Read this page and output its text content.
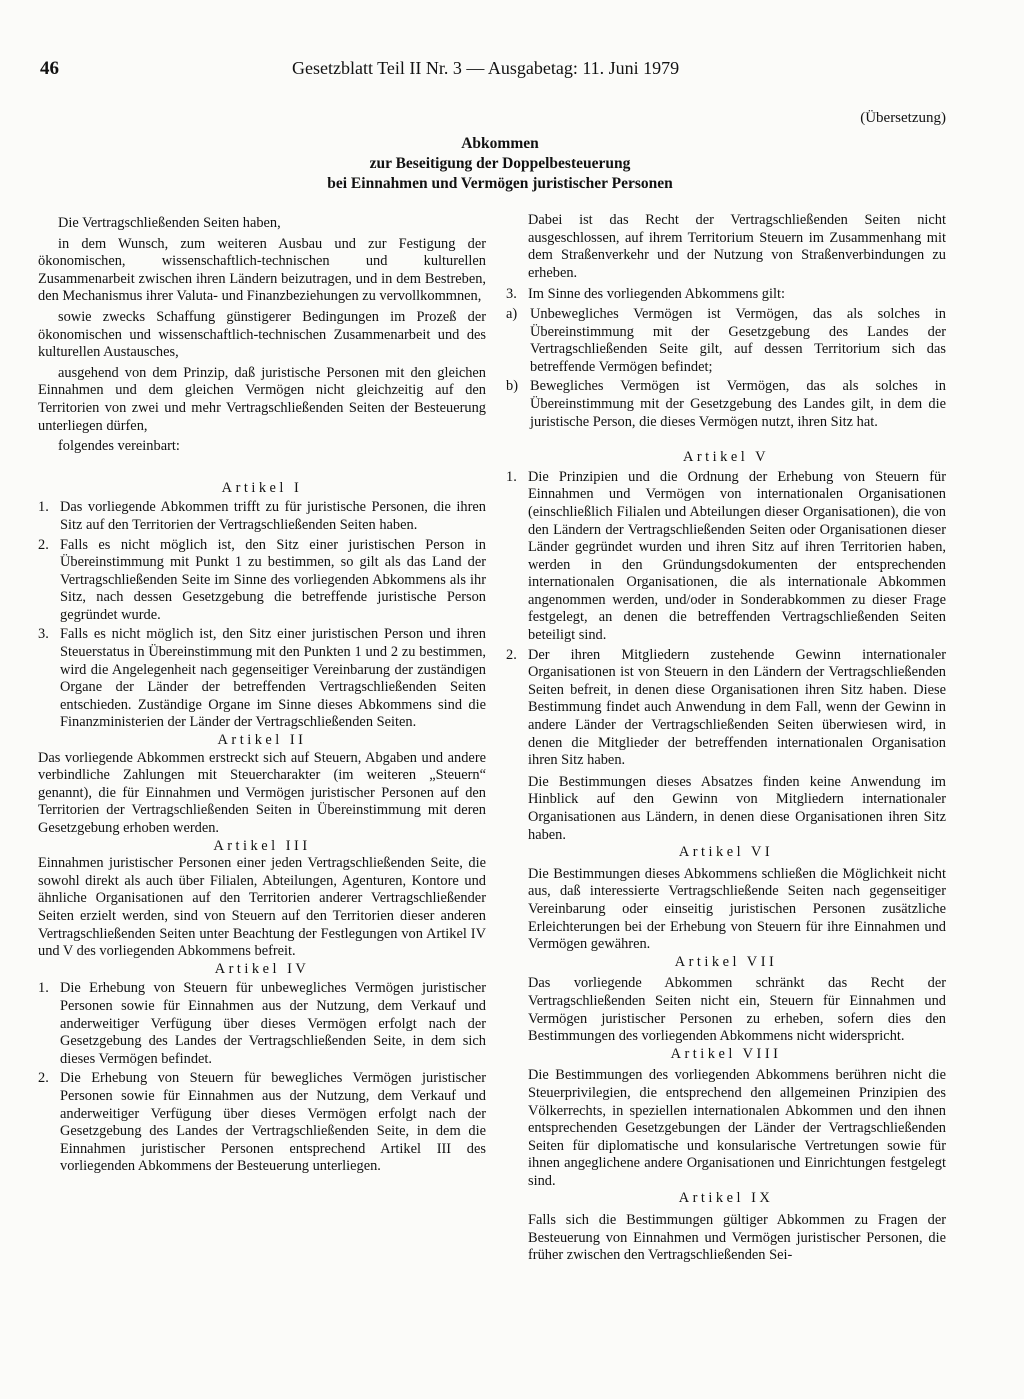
46	Gesetzblatt Teil II Nr. 3 — Ausgabetag: 11. Juni 1979
(Übersetzung)
Abkommen
zur Beseitigung der Doppelbesteuerung
bei Einnahmen und Vermögen juristischer Personen

Die Vertragschließenden Seiten haben,

in dem Wunsch, zum weiteren Ausbau und zur Festigung der ökonomischen, wissenschaftlich-technischen und kulturellen Zusammenarbeit zwischen ihren Ländern beizutragen, und in dem Bestreben, den Mechanismus ihrer Valuta- und Finanzbeziehungen zu vervollkommnen,

sowie zwecks Schaffung günstigerer Bedingungen im Prozeß der ökonomischen und wissenschaftlich-technischen Zusammenarbeit und des kulturellen Austausches,

ausgehend von dem Prinzip, daß juristische Personen mit den gleichen Einnahmen und dem gleichen Vermögen nicht gleichzeitig auf den Territorien von zwei und mehr Vertragschließenden Seiten der Besteuerung unterliegen dürfen,

folgendes vereinbart:

Artikel I

1. Das vorliegende Abkommen trifft zu für juristische Personen, die ihren Sitz auf den Territorien der Vertragschließenden Seiten haben.
2. Falls es nicht möglich ist, den Sitz einer juristischen Person in Übereinstimmung mit Punkt 1 zu bestimmen, so gilt als das Land der Vertragschließenden Seite im Sinne des vorliegenden Abkommens als ihr Sitz, nach dessen Gesetzgebung die betreffende juristische Person gegründet wurde.
3. Falls es nicht möglich ist, den Sitz einer juristischen Person und ihren Steuerstatus in Übereinstimmung mit den Punkten 1 und 2 zu bestimmen, wird die Angelegenheit nach gegenseitiger Vereinbarung der zuständigen Organe der Länder der betreffenden Vertragschließenden Seiten entschieden. Zuständige Organe im Sinne dieses Abkommens sind die Finanzministerien der Länder der Vertragschließenden Seiten.

Artikel II

Das vorliegende Abkommen erstreckt sich auf Steuern, Abgaben und andere verbindliche Zahlungen mit Steuercharakter (im weiteren „Steuern“ genannt), die für Einnahmen und Vermögen juristischer Personen auf den Territorien der Vertragschließenden Seiten in Übereinstimmung mit deren Gesetzgebung erhoben werden.

Artikel III

Einnahmen juristischer Personen einer jeden Vertragschließenden Seite, die sowohl direkt als auch über Filialen, Abteilungen, Agenturen, Kontore und ähnliche Organisationen auf den Territorien anderer Vertragschließender Seiten erzielt werden, sind von Steuern auf den Territorien dieser anderen Vertragschließenden Seiten unter Beachtung der Festlegungen von Artikel IV und V des vorliegenden Abkommens befreit.

Artikel IV

1. Die Erhebung von Steuern für unbewegliches Vermögen juristischer Personen sowie für Einnahmen aus der Nutzung, dem Verkauf und anderweitiger Verfügung über dieses Vermögen erfolgt nach der Gesetzgebung des Landes der Vertragschließenden Seite, in dem sich dieses Vermögen befindet.
2. Die Erhebung von Steuern für bewegliches Vermögen juristischer Personen sowie für Einnahmen aus der Nutzung, dem Verkauf und anderweitiger Verfügung über dieses Vermögen erfolgt nach der Gesetzgebung des Landes der Vertragschließenden Seite, in dem die Einnahmen juristischer Personen entsprechend Artikel III des vorliegenden Abkommens der Besteuerung unterliegen.

Dabei ist das Recht der Vertragschließenden Seiten nicht ausgeschlossen, auf ihrem Territorium Steuern im Zusammenhang mit dem Straßenverkehr und der Nutzung von Straßenverbindungen zu erheben.

3. Im Sinne des vorliegenden Abkommens gilt:
a) Unbewegliches Vermögen ist Vermögen, das als solches in Übereinstimmung mit der Gesetzgebung des Landes der Vertragschließenden Seite gilt, auf dessen Territorium sich das betreffende Vermögen befindet;
b) Bewegliches Vermögen ist Vermögen, das als solches in Übereinstimmung mit der Gesetzgebung des Landes gilt, in dem die juristische Person, die dieses Vermögen nutzt, ihren Sitz hat.

Artikel V

1. Die Prinzipien und die Ordnung der Erhebung von Steuern für Einnahmen und Vermögen von internationalen Organisationen (einschließlich Filialen und Abteilungen dieser Organisationen), die von den Ländern der Vertragschließenden Seiten oder Organisationen dieser Länder gegründet wurden und ihren Sitz auf ihren Territorien haben, werden in den Gründungsdokumenten der entsprechenden internationalen Organisationen, die als internationale Abkommen angenommen werden, und/oder in Sonderabkommen zu dieser Frage festgelegt, an denen die betreffenden Vertragschließenden Seiten beteiligt sind.
2. Der ihren Mitgliedern zustehende Gewinn internationaler Organisationen ist von Steuern in den Ländern der Vertragschließenden Seiten befreit, in denen diese Organisationen ihren Sitz haben. Diese Bestimmung findet auch Anwendung in dem Fall, wenn der Gewinn in andere Länder der Vertragschließenden Seiten überwiesen wird, in denen die Mitglieder der betreffenden internationalen Organisation ihren Sitz haben.

Die Bestimmungen dieses Absatzes finden keine Anwendung im Hinblick auf den Gewinn von Mitgliedern internationaler Organisationen aus Ländern, in denen diese Organisationen ihren Sitz haben.

Artikel VI

Die Bestimmungen dieses Abkommens schließen die Möglichkeit nicht aus, daß interessierte Vertragschließende Seiten nach gegenseitiger Vereinbarung oder einseitig juristischen Personen zusätzliche Erleichterungen bei der Erhebung von Steuern für ihre Einnahmen und Vermögen gewähren.

Artikel VII

Das vorliegende Abkommen schränkt das Recht der Vertragschließenden Seiten nicht ein, Steuern für Einnahmen und Vermögen juristischer Personen zu erheben, sofern dies den Bestimmungen des vorliegenden Abkommens nicht widerspricht.

Artikel VIII

Die Bestimmungen des vorliegenden Abkommens berühren nicht die Steuerprivilegien, die entsprechend den allgemeinen Prinzipien des Völkerrechts, in speziellen internationalen Abkommen und den ihnen entsprechenden Gesetzgebungen der Länder der Vertragschließenden Seiten für diplomatische und konsularische Vertretungen sowie für ihnen angeglichene andere Organisationen und Einrichtungen festgelegt sind.

Artikel IX

Falls sich die Bestimmungen gültiger Abkommen zu Fragen der Besteuerung von Einnahmen und Vermögen juristischer Personen, die früher zwischen den Vertragschließenden Sei-
